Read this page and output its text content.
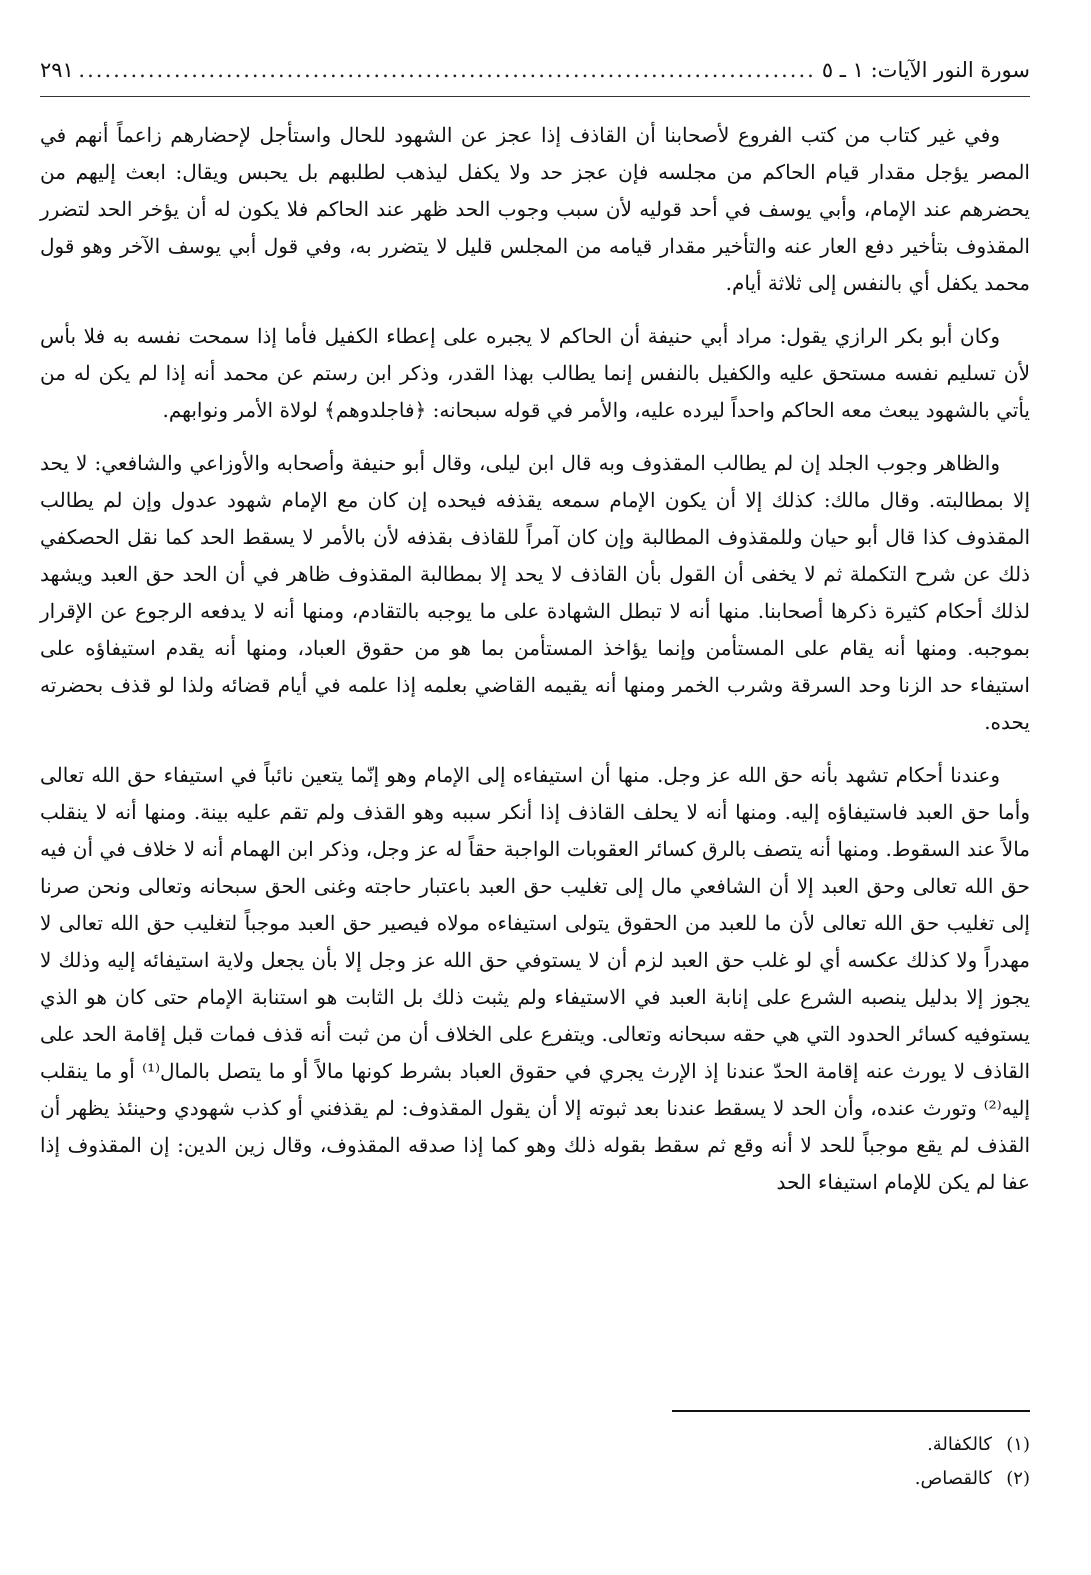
سورة النور الآيات: ١ ـ ٥
.....
٢٩١

وفي غير كتاب من كتب الفروع لأصحابنا أن القاذف إذا عجز عن الشهود للحال واستأجل لإحضارهم زاعماً أنهم في المصر يؤجل مقدار قيام الحاكم من مجلسه فإن عجز حد ولا يكفل ليذهب لطلبهم بل يحبس ويقال: ابعث إليهم من يحضرهم عند الإمام، وأبي يوسف في أحد قوليه لأن سبب وجوب الحد ظهر عند الحاكم فلا يكون له أن يؤخر الحد لتضرر المقذوف بتأخير دفع العار عنه والتأخير مقدار قيامه من المجلس قليل لا يتضرر به، وفي قول أبي يوسف الآخر وهو قول محمد يكفل أي بالنفس إلى ثلاثة أيام.

وكان أبو بكر الرازي يقول: مراد أبي حنيفة أن الحاكم لا يجبره على إعطاء الكفيل فأما إذا سمحت نفسه به فلا بأس لأن تسليم نفسه مستحق عليه والكفيل بالنفس إنما يطالب بهذا القدر، وذكر ابن رستم عن محمد أنه إذا لم يكن له من يأتي بالشهود يبعث معه الحاكم واحداً ليرده عليه، والأمر في قوله سبحانه: ﴿فاجلدوهم﴾ لولاة الأمر ونوابهم.

والظاهر وجوب الجلد إن لم يطالب المقذوف وبه قال ابن ليلى، وقال أبو حنيفة وأصحابه والأوزاعي والشافعي: لا يحد إلا بمطالبته. وقال مالك: كذلك إلا أن يكون الإمام سمعه يقذفه فيحده إن كان مع الإمام شهود عدول وإن لم يطالب المقذوف كذا قال أبو حيان وللمقذوف المطالبة وإن كان آمراً للقاذف بقذفه لأن بالأمر لا يسقط الحد كما نقل الحصكفي ذلك عن شرح التكملة ثم لا يخفى أن القول بأن القاذف لا يحد إلا بمطالبة المقذوف ظاهر في أن الحد حق العبد ويشهد لذلك أحكام كثيرة ذكرها أصحابنا. منها أنه لا تبطل الشهادة على ما يوجبه بالتقادم، ومنها أنه لا يدفعه الرجوع عن الإقرار بموجبه. ومنها أنه يقام على المستأمن وإنما يؤاخذ المستأمن بما هو من حقوق العباد، ومنها أنه يقدم استيفاؤه على استيفاء حد الزنا وحد السرقة وشرب الخمر ومنها أنه يقيمه القاضي بعلمه إذا علمه في أيام قضائه ولذا لو قذف بحضرته يحده.

وعندنا أحكام تشهد بأنه حق الله عز وجل. منها أن استيفاءه إلى الإمام وهو إنّما يتعين نائباً في استيفاء حق الله تعالى وأما حق العبد فاستيفاؤه إليه. ومنها أنه لا يحلف القاذف إذا أنكر سببه وهو القذف ولم تقم عليه بينة. ومنها أنه لا ينقلب مالاً عند السقوط. ومنها أنه يتصف بالرق كسائر العقوبات الواجبة حقاً له عز وجل، وذكر ابن الهمام أنه لا خلاف في أن فيه حق الله تعالى وحق العبد إلا أن الشافعي مال إلى تغليب حق العبد باعتبار حاجته وغنى الحق سبحانه وتعالى ونحن صرنا إلى تغليب حق الله تعالى لأن ما للعبد من الحقوق يتولى استيفاءه مولاه فيصير حق العبد موجباً لتغليب حق الله تعالى لا مهدراً ولا كذلك عكسه أي لو غلب حق العبد لزم أن لا يستوفي حق الله عز وجل إلا بأن يجعل ولاية استيفائه إليه وذلك لا يجوز إلا بدليل ينصبه الشرع على إنابة العبد في الاستيفاء ولم يثبت ذلك بل الثابت هو استنابة الإمام حتى كان هو الذي يستوفيه كسائر الحدود التي هي حقه سبحانه وتعالى. ويتفرع على الخلاف أن من ثبت أنه قذف فمات قبل إقامة الحد على القاذف لا يورث عنه إقامة الحدّ عندنا إذ الإرث يجري في حقوق العباد بشرط كونها مالاً أو ما يتصل بالمال⁽¹⁾ أو ما ينقلب إليه⁽²⁾ وتورث عنده، وأن الحد لا يسقط عندنا بعد ثبوته إلا أن يقول المقذوف: لم يقذفني أو كذب شهودي وحينئذ يظهر أن القذف لم يقع موجباً للحد لا أنه وقع ثم سقط بقوله ذلك وهو كما إذا صدقه المقذوف، وقال زين الدين: إن المقذوف إذا عفا لم يكن للإمام استيفاء الحد

(١)
كالكفالة.
(٢)
كالقصاص.
